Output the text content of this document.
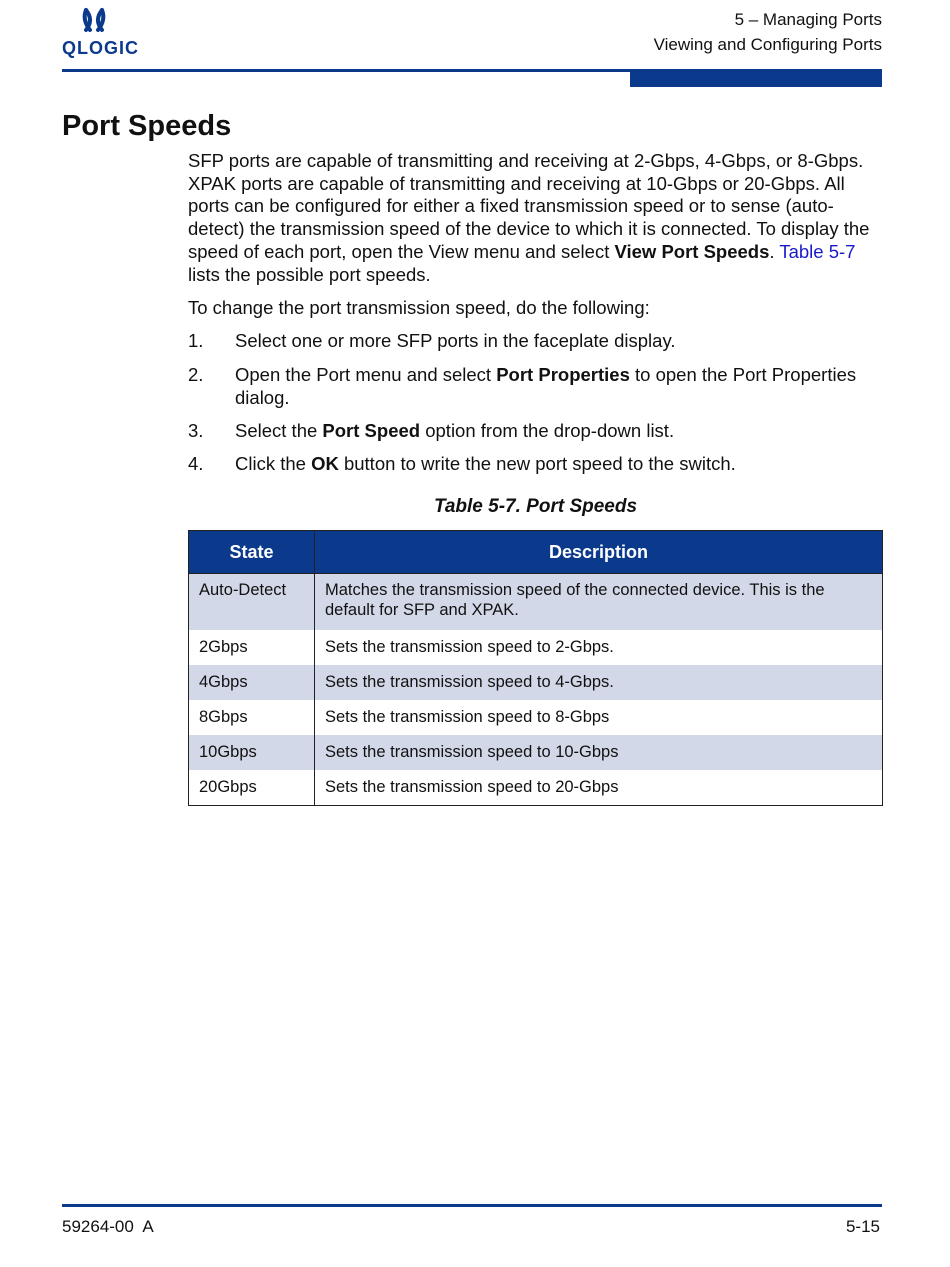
QLOGIC
5 – Managing Ports
Viewing and Configuring Ports
Port Speeds
SFP ports are capable of transmitting and receiving at 2-Gbps, 4-Gbps, or 8-Gbps. XPAK ports are capable of transmitting and receiving at 10-Gbps or 20-Gbps. All ports can be configured for either a fixed transmission speed or to sense (auto-detect) the transmission speed of the device to which it is connected. To display the speed of each port, open the View menu and select View Port Speeds. Table 5-7 lists the possible port speeds.
To change the port transmission speed, do the following:
1. Select one or more SFP ports in the faceplate display.
2. Open the Port menu and select Port Properties to open the Port Properties dialog.
3. Select the Port Speed option from the drop-down list.
4. Click the OK button to write the new port speed to the switch.
Table 5-7. Port Speeds
State	Description
Auto-Detect	Matches the transmission speed of the connected device. This is the default for SFP and XPAK.
2Gbps	Sets the transmission speed to 2-Gbps.
4Gbps	Sets the transmission speed to 4-Gbps.
8Gbps	Sets the transmission speed to 8-Gbps
10Gbps	Sets the transmission speed to 10-Gbps
20Gbps	Sets the transmission speed to 20-Gbps
59264-00  A	5-15
